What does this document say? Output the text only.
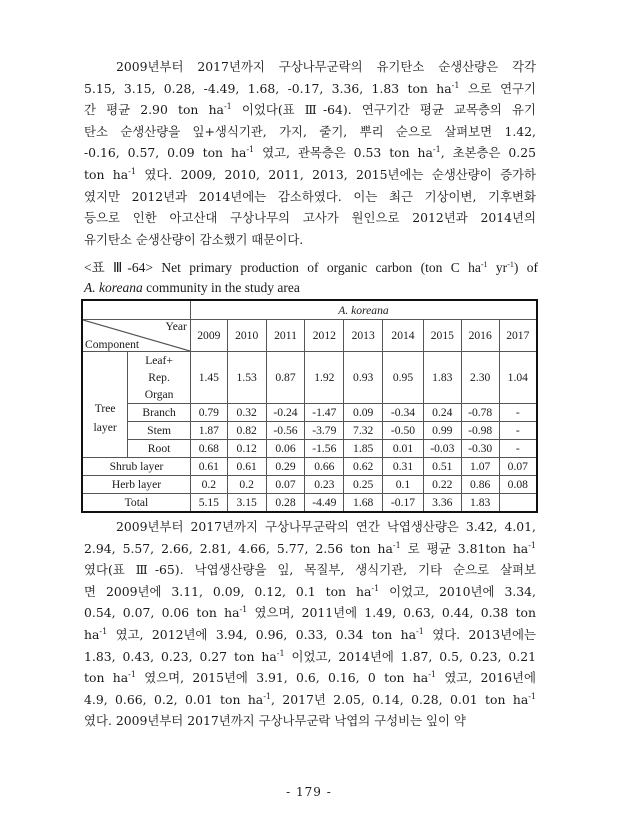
2009년부터 2017년까지 구상나무군락의 유기탄소 순생산량은 각각
5.15, 3.15, 0.28, -4.49, 1.68, -0.17, 3.36, 1.83 ton $ha^{-1}$ 으로 연구기
간 평균 2.90 ton $ha^{-1}$ 이었다(표 Ⅲ-64). 연구기간 평균 교목층의 유기
탄소 순생산량을 잎+생식기관, 가지, 줄기, 뿌리 순으로 살펴보면 1.42,
-0.16, 0.57, 0.09 ton $ha^{-1}$ 였고, 관목층은 0.53 ton $ha^{-1}$, 초본층은 0.25
ton $ha^{-1}$ 였다. 2009, 2010, 2011, 2013, 2015년에는 순생산량이 증가하
였지만 2012년과 2014년에는 감소하였다. 이는 최근 기상이변, 기후변화
등으로 인한 아고산대 구상나무의 고사가 원인으로 2012년과 2014년의
유기탄소 순생산량이 감소했기 때문이다.
<표 Ⅲ-64> Net primary production of organic carbon (ton C $ha^{-1}$ $yr^{-1}$) of
A. koreana community in the study area
		A. koreana								

Year
Component		2009	2010	2011	2012	2013	2014	2015	2016	2017

Tree
layer	Leaf+
Rep.
Organ	1.45	1.53	0.87	1.92	0.93	0.95	1.83	2.30	1.04

	Branch	0.79	0.32	-0.24	-1.47	0.09	-0.34	0.24	-0.78	-

	Stem	1.87	0.82	-0.56	-3.79	7.32	-0.50	0.99	-0.98	-

	Root	0.68	0.12	0.06	-1.56	1.85	0.01	-0.03	-0.30	-

Shrub layer		0.61	0.61	0.29	0.66	0.62	0.31	0.51	1.07	0.07

Herb layer		0.2	0.2	0.07	0.23	0.25	0.1	0.22	0.86	0.08

Total		5.15	3.15	0.28	-4.49	1.68	-0.17	3.36	1.83	
2009년부터 2017년까지 구상나무군락의 연간 낙엽생산량은 3.42, 4.01,
2.94, 5.57, 2.66, 2.81, 4.66, 5.77, 2.56 ton $ha^{-1}$ 로 평균 3.81ton $ha^{-1}$
였다(표 Ⅲ-65). 낙엽생산량을 잎, 목질부, 생식기관, 기타 순으로 살펴보
면 2009년에 3.11, 0.09, 0.12, 0.1 ton $ha^{-1}$ 이었고, 2010년에 3.34,
0.54, 0.07, 0.06 ton $ha^{-1}$ 였으며, 2011년에 1.49, 0.63, 0.44, 0.38 ton
$ha^{-1}$ 였고, 2012년에 3.94, 0.96, 0.33, 0.34 ton $ha^{-1}$ 였다. 2013년에는
1.83, 0.43, 0.23, 0.27 ton $ha^{-1}$ 이었고, 2014년에 1.87, 0.5, 0.23, 0.21
ton $ha^{-1}$ 였으며, 2015년에 3.91, 0.6, 0.16, 0 ton $ha^{-1}$ 였고, 2016년에
4.9, 0.66, 0.2, 0.01 ton $ha^{-1}$, 2017년 2.05, 0.14, 0.28, 0.01 ton $ha^{-1}$
였다. 2009년부터 2017년까지 구상나무군락 낙엽의 구성비는 잎이 약
- 179 -
